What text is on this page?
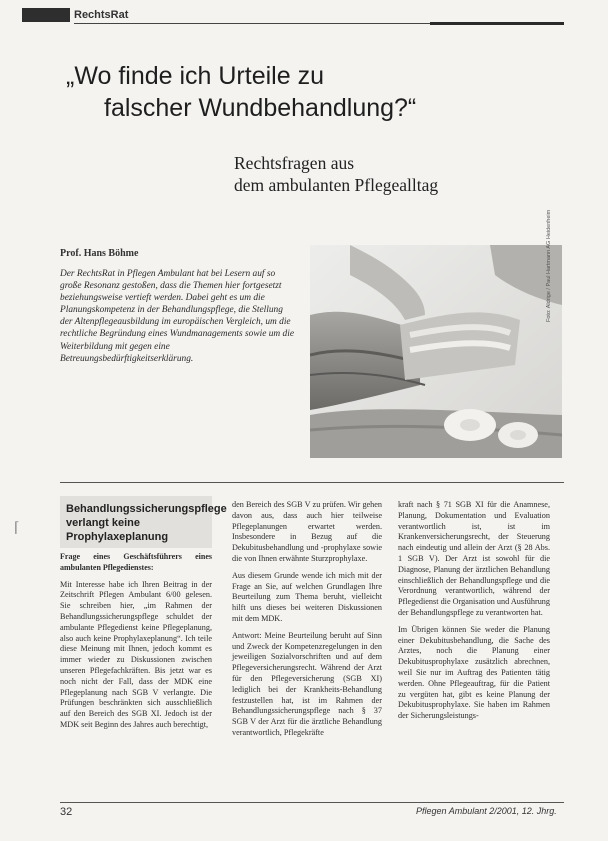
RechtsRat
„Wo finde ich Urteile zu
falscher Wundbehandlung?“
Rechtsfragen aus
dem ambulanten Pflegealltag
Prof. Hans Böhme
Der RechtsRat in Pflegen Ambulant hat bei Lesern auf so große Resonanz gestoßen, dass die Themen hier fortgesetzt beziehungsweise vertieft werden. Dabei geht es um die Planungskompetenz in der Behandlungspflege, die Stellung der Altenpflegeausbildung im europäischen Vergleich, um die rechtliche Begründung eines Wundmanagements sowie um die Weiterbildung mit gegen eine Betreuungsbedürftigkeitserklärung.
Foto: Aldrige / Paul Hartmann AG Heidenheim
⌈
Behandlungssicherungspflege verlangt keine Prophylaxeplanung

Frage eines Geschäftsführers eines ambulanten Pflegedienstes:

Mit Interesse habe ich Ihren Beitrag in der Zeitschrift Pflegen Ambulant 6/00 gelesen. Sie schreiben hier, „im Rahmen der Behandlungssicherungspflege schuldet der ambulante Pflegedienst keine Pflegeplanung, also auch keine Prophylaxeplanung“. Ich teile diese Meinung mit Ihnen, jedoch kommt es immer wieder zu Diskussionen zwischen unseren Pflegefachkräften. Bis jetzt war es noch nicht der Fall, dass der MDK eine Pflegeplanung nach SGB V verlangte. Die Prüfungen beschränkten sich ausschließlich auf den Bereich des SGB XI. Jedoch ist der MDK seit Beginn des Jahres auch berechtigt,

den Bereich des SGB V zu prüfen. Wir gehen davon aus, dass auch hier teilweise Pflegeplanungen erwartet werden. Insbesondere in Bezug auf die Dekubitusbehandlung und -prophylaxe sowie die von Ihnen erwähnte Sturzprophylaxe.

Aus diesem Grunde wende ich mich mit der Frage an Sie, auf welchen Grundlagen Ihre Beurteilung zum Thema beruht, vielleicht hilft uns dieses bei weiteren Diskussionen mit dem MDK.

Antwort: Meine Beurteilung beruht auf Sinn und Zweck der Kompetenzregelungen in den jeweiligen Sozialvorschriften und auf dem Pflegeversicherungsrecht. Während der Arzt für den Pflegeversicherung (SGB XI) lediglich bei der Krankheits-Behandlung festzustellen hat, ist im Rahmen der Behandlungssicherungspflege nach § 37 SGB V der Arzt für die ärztliche Behandlung verantwortlich, Pflegekräfte

kraft nach § 71 SGB XI für die Anamnese, Planung, Dokumentation und Evaluation verantwortlich ist, ist im Krankenversicherungsrecht, der Steuerung nach eindeutig und allein der Arzt (§ 28 Abs. 1 SGB V). Der Arzt ist sowohl für die Diagnose, Planung der ärztlichen Behandlung einschließlich der Behandlungspflege und die Verordnung verantwortlich, während der Pflegedienst die Organisation und Ausführung der Behandlungspflege zu verantworten hat.

Im Übrigen können Sie weder die Planung einer Dekubitusbehandlung, die Sache des Arztes, noch die Planung einer Dekubitusprophylaxe zusätzlich abrechnen, weil Sie nur im Auftrag des Patienten tätig werden. Ohne Pflegeauftrag, für die Patient zu vergüten hat, gibt es keine Planung der Dekubitusprophylaxe. Sie haben im Rahmen der Sicherungsleistungs-

32	Pflegen Ambulant 2/2001, 12. Jhrg.
